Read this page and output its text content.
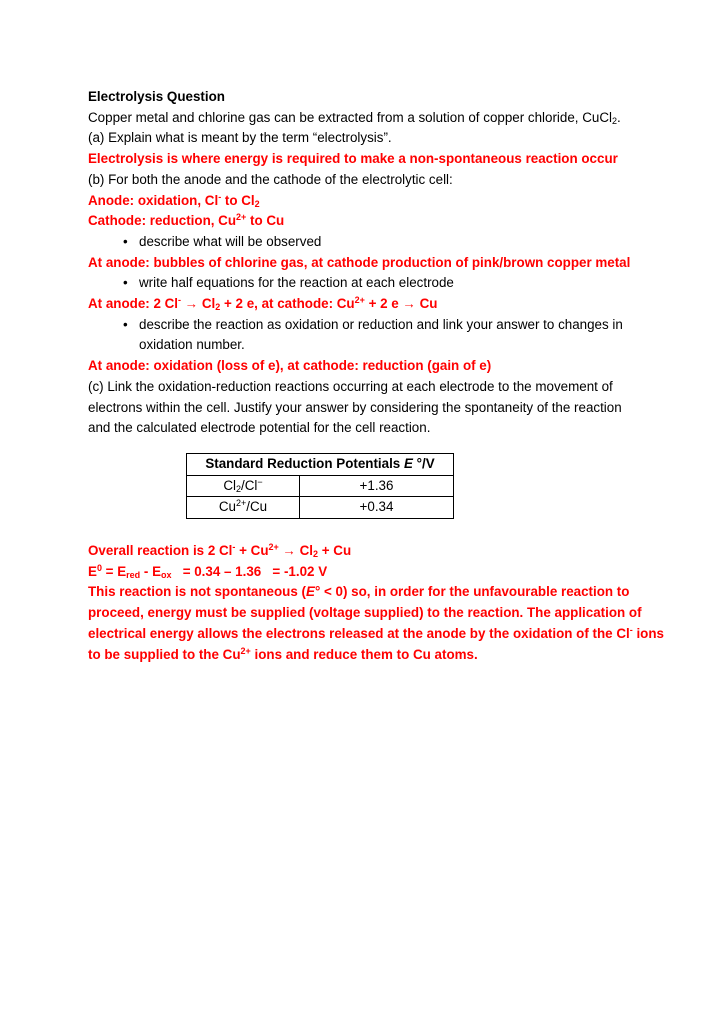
Electrolysis Question
Copper metal and chlorine gas can be extracted from a solution of copper chloride, CuCl$_2$.
(a) Explain what is meant by the term “electrolysis”.
Electrolysis is where energy is required to make a non-spontaneous reaction occur
(b) For both the anode and the cathode of the electrolytic cell:
Anode: oxidation, Cl- to $Cl_2$
Cathode: reduction, $Cu^{2+}$ to Cu
• describe what will be observed
At anode: bubbles of chlorine gas, at cathode production of pink/brown copper metal
• write half equations for the reaction at each electrode
At anode: 2 $Cl^- \to Cl_2 + 2$ e, at cathode: $Cu^{2+} + 2$ e → Cu
• describe the reaction as oxidation or reduction and link your answer to changes in
oxidation number.
At anode: oxidation (loss of e), at cathode: reduction (gain of e)
(c) Link the oxidation-reduction reactions occurring at each electrode to the movement of
electrons within the cell. Justify your answer by considering the spontaneity of the reaction
and the calculated electrode potential for the cell reaction.
Standard Reduction Potentials E °/V	
$Cl_2/Cl^-$	+1.36
$Cu^{2+}/Cu$	+0.34
Overall reaction is 2 $Cl^- + Cu^{2+} \to Cl_2 + Cu$
$E^0 = E_{red} - E_{ox} = 0.34 - 1.36 = -1.02$ V
This reaction is not spontaneous (E° < 0) so, in order for the unfavourable reaction to
proceed, energy must be supplied (voltage supplied) to the reaction. The application of
electrical energy allows the electrons released at the anode by the oxidation of the Cl- ions
to be supplied to the $Cu^{2+}$ ions and reduce them to Cu atoms.
